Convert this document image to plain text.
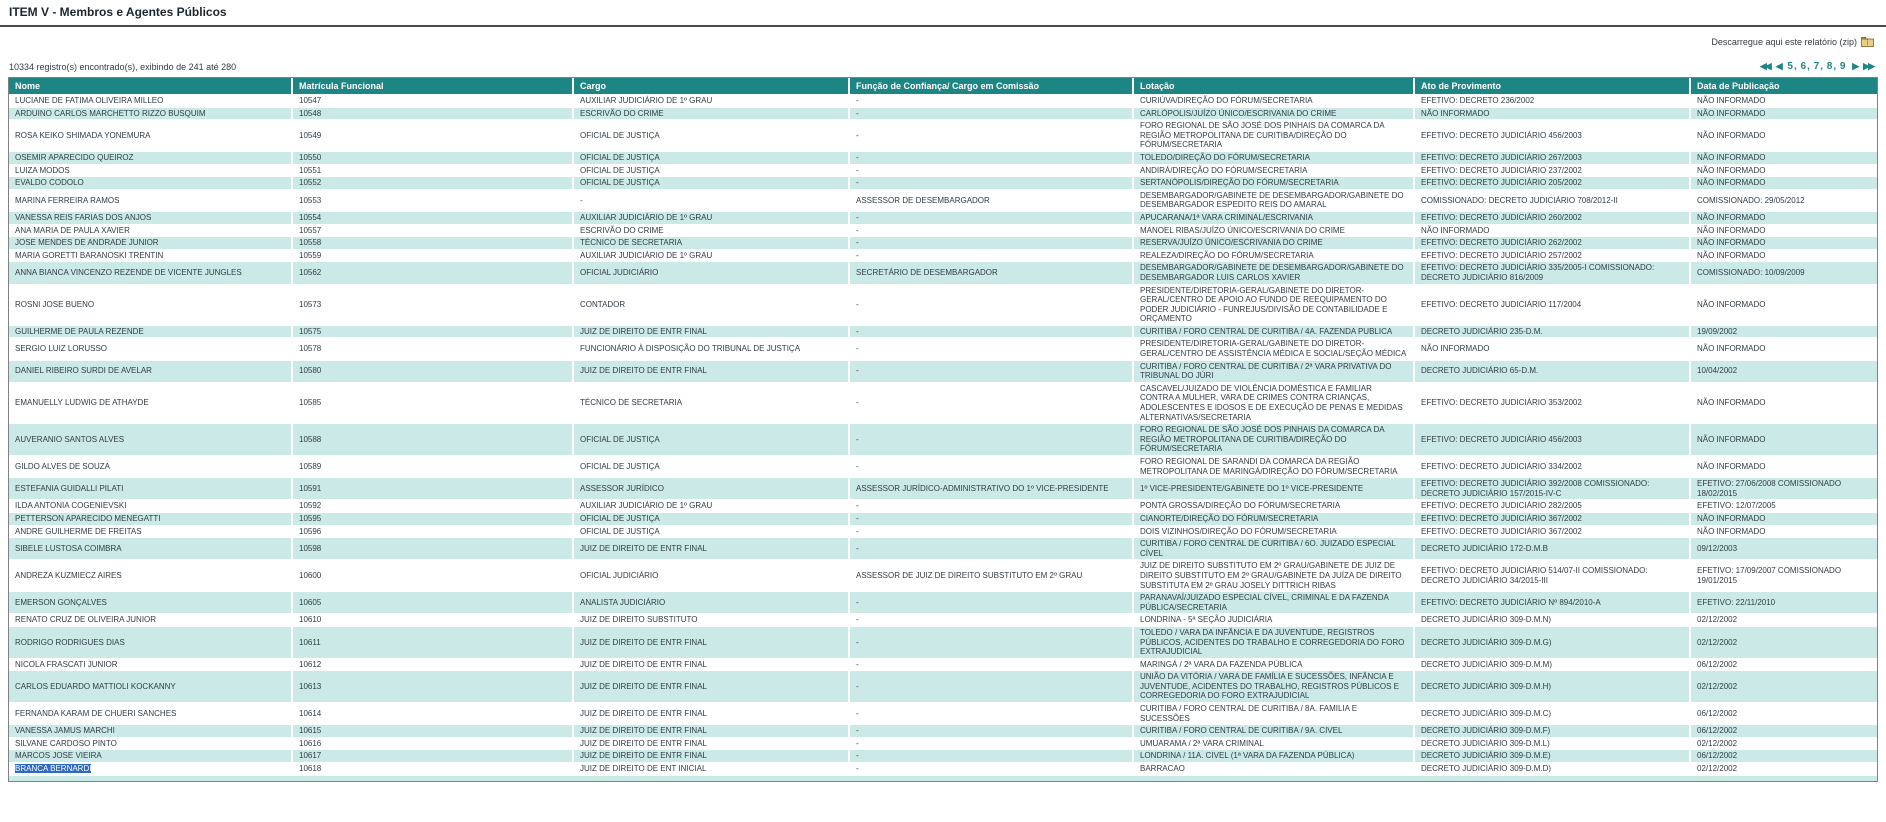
ITEM V - Membros e Agentes Públicos
Descarregue aqui este relatório (zip)
10334 registro(s) encontrado(s), exibindo de 241 até 280	◀◀ ◀ 5, 6, 7, 8, 9 ▶ ▶▶
Nome	Matrícula Funcional	Cargo	Função de Confiança/ Cargo em Comissão	Lotação	Ato de Provimento	Data de Publicação
LUCIANE DE FATIMA OLIVEIRA MILLEO	10547	AUXILIAR JUDICIÁRIO DE 1º GRAU	-	CURIÚVA/DIREÇÃO DO FÓRUM/SECRETARIA	EFETIVO: DECRETO 236/2002	NÃO INFORMADO
ARDUINO CARLOS MARCHETTO RIZZO BUSQUIM	10548	ESCRIVÃO DO CRIME	-	CARLÓPOLIS/JUÍZO ÚNICO/ESCRIVANIA DO CRIME	NÃO INFORMADO	NÃO INFORMADO
ROSA KEIKO SHIMADA YONEMURA	10549	OFICIAL DE JUSTIÇA	-	FORO REGIONAL DE SÃO JOSÉ DOS PINHAIS DA COMARCA DA REGIÃO METROPOLITANA DE CURITIBA/DIREÇÃO DO FÓRUM/SECRETARIA	EFETIVO: DECRETO JUDICIÁRIO 456/2003	NÃO INFORMADO
OSEMIR APARECIDO QUEIROZ	10550	OFICIAL DE JUSTIÇA	-	TOLEDO/DIREÇÃO DO FÓRUM/SECRETARIA	EFETIVO: DECRETO JUDICIÁRIO 267/2003	NÃO INFORMADO
LUIZA MODOS	10551	OFICIAL DE JUSTIÇA	-	ANDIRÁ/DIREÇÃO DO FÓRUM/SECRETARIA	EFETIVO: DECRETO JUDICIÁRIO 237/2002	NÃO INFORMADO
EVALDO CODOLO	10552	OFICIAL DE JUSTIÇA	-	SERTANÓPOLIS/DIREÇÃO DO FÓRUM/SECRETARIA	EFETIVO: DECRETO JUDICIÁRIO 205/2002	NÃO INFORMADO
MARINA FERREIRA RAMOS	10553	-	ASSESSOR DE DESEMBARGADOR	DESEMBARGADOR/GABINETE DE DESEMBARGADOR/GABINETE DO DESEMBARGADOR ESPEDITO REIS DO AMARAL	COMISSIONADO: DECRETO JUDICIÁRIO 708/2012-II	COMISSIONADO: 29/05/2012
VANESSA REIS FARIAS DOS ANJOS	10554	AUXILIAR JUDICIÁRIO DE 1º GRAU	-	APUCARANA/1ª VARA CRIMINAL/ESCRIVANIA	EFETIVO: DECRETO JUDICIÁRIO 260/2002	NÃO INFORMADO
ANA MARIA DE PAULA XAVIER	10557	ESCRIVÃO DO CRIME	-	MANOEL RIBAS/JUÍZO ÚNICO/ESCRIVANIA DO CRIME	NÃO INFORMADO	NÃO INFORMADO
JOSE MENDES DE ANDRADE JUNIOR	10558	TÉCNICO DE SECRETARIA	-	RESERVA/JUÍZO ÚNICO/ESCRIVANIA DO CRIME	EFETIVO: DECRETO JUDICIÁRIO 262/2002	NÃO INFORMADO
MARIA GORETTI BARANOSKI TRENTIN	10559	AUXILIAR JUDICIÁRIO DE 1º GRAU	-	REALEZA/DIREÇÃO DO FÓRUM/SECRETARIA	EFETIVO: DECRETO JUDICIÁRIO 257/2002	NÃO INFORMADO
ANNA BIANCA VINCENZO REZENDE DE VICENTE JUNGLES	10562	OFICIAL JUDICIÁRIO	SECRETÁRIO DE DESEMBARGADOR	DESEMBARGADOR/GABINETE DE DESEMBARGADOR/GABINETE DO DESEMBARGADOR LUIS CARLOS XAVIER	EFETIVO: DECRETO JUDICIÁRIO 335/2005-I COMISSIONADO: DECRETO JUDICIÁRIO 816/2009	COMISSIONADO: 10/09/2009
ROSNI JOSE BUENO	10573	CONTADOR	-	PRESIDENTE/DIRETORIA-GERAL/GABINETE DO DIRETOR-GERAL/CENTRO DE APOIO AO FUNDO DE REEQUIPAMENTO DO PODER JUDICIÁRIO - FUNREJUS/DIVISÃO DE CONTABILIDADE E ORÇAMENTO	EFETIVO: DECRETO JUDICIÁRIO 117/2004	NÃO INFORMADO
GUILHERME DE PAULA REZENDE	10575	JUIZ DE DIREITO DE ENTR FINAL	-	CURITIBA / FORO CENTRAL DE CURITIBA / 4A. FAZENDA PUBLICA	DECRETO JUDICIÁRIO 235-D.M.	19/09/2002
SERGIO LUIZ LORUSSO	10578	FUNCIONÁRIO À DISPOSIÇÃO DO TRIBUNAL DE JUSTIÇA	-	PRESIDENTE/DIRETORIA-GERAL/GABINETE DO DIRETOR-GERAL/CENTRO DE ASSISTÊNCIA MÉDICA E SOCIAL/SEÇÃO MÉDICA	NÃO INFORMADO	NÃO INFORMADO
DANIEL RIBEIRO SURDI DE AVELAR	10580	JUIZ DE DIREITO DE ENTR FINAL	-	CURITIBA / FORO CENTRAL DE CURITIBA / 2ª VARA PRIVATIVA DO TRIBUNAL DO JÚRI	DECRETO JUDICIÁRIO 65-D.M.	10/04/2002
EMANUELLY LUDWIG DE ATHAYDE	10585	TÉCNICO DE SECRETARIA	-	CASCAVEL/JUIZADO DE VIOLÊNCIA DOMÉSTICA E FAMILIAR CONTRA A MULHER, VARA DE CRIMES CONTRA CRIANÇAS, ADOLESCENTES E IDOSOS E DE EXECUÇÃO DE PENAS E MEDIDAS ALTERNATIVAS/SECRETARIA	EFETIVO: DECRETO JUDICIÁRIO 353/2002	NÃO INFORMADO
AUVERANIO SANTOS ALVES	10588	OFICIAL DE JUSTIÇA	-	FORO REGIONAL DE SÃO JOSÉ DOS PINHAIS DA COMARCA DA REGIÃO METROPOLITANA DE CURITIBA/DIREÇÃO DO FÓRUM/SECRETARIA	EFETIVO: DECRETO JUDICIÁRIO 456/2003	NÃO INFORMADO
GILDO ALVES DE SOUZA	10589	OFICIAL DE JUSTIÇA	-	FORO REGIONAL DE SARANDI DA COMARCA DA REGIÃO METROPOLITANA DE MARINGÁ/DIREÇÃO DO FÓRUM/SECRETARIA	EFETIVO: DECRETO JUDICIÁRIO 334/2002	NÃO INFORMADO
ESTEFANIA GUIDALLI PILATI	10591	ASSESSOR JURÍDICO	ASSESSOR JURÍDICO-ADMINISTRATIVO DO 1º VICE-PRESIDENTE	1º VICE-PRESIDENTE/GABINETE DO 1º VICE-PRESIDENTE	EFETIVO: DECRETO JUDICIÁRIO 392/2008 COMISSIONADO: DECRETO JUDICIÁRIO 157/2015-IV-C	EFETIVO: 27/06/2008 COMISSIONADO 18/02/2015
ILDA ANTONIA COGENIEVSKI	10592	AUXILIAR JUDICIÁRIO DE 1º GRAU	-	PONTA GROSSA/DIREÇÃO DO FÓRUM/SECRETARIA	EFETIVO: DECRETO JUDICIÁRIO 282/2005	EFETIVO: 12/07/2005
PETTERSON APARECIDO MENEGATTI	10595	OFICIAL DE JUSTIÇA	-	CIANORTE/DIREÇÃO DO FÓRUM/SECRETARIA	EFETIVO: DECRETO JUDICIÁRIO 367/2002	NÃO INFORMADO
ANDRE GUILHERME DE FREITAS	10596	OFICIAL DE JUSTIÇA	-	DOIS VIZINHOS/DIREÇÃO DO FÓRUM/SECRETARIA	EFETIVO: DECRETO JUDICIÁRIO 367/2002	NÃO INFORMADO
SIBELE LUSTOSA COIMBRA	10598	JUIZ DE DIREITO DE ENTR FINAL	-	CURITIBA / FORO CENTRAL DE CURITIBA / 6O. JUIZADO ESPECIAL CÍVEL	DECRETO JUDICIÁRIO 172-D.M.B	09/12/2003
ANDREZA KUZMIECZ AIRES	10600	OFICIAL JUDICIÁRIO	ASSESSOR DE JUIZ DE DIREITO SUBSTITUTO EM 2º GRAU	JUIZ DE DIREITO SUBSTITUTO EM 2º GRAU/GABINETE DE JUIZ DE DIREITO SUBSTITUTO EM 2º GRAU/GABINETE DA JUÍZA DE DIREITO SUBSTITUTA EM 2º GRAU JOSELY DITTRICH RIBAS	EFETIVO: DECRETO JUDICIÁRIO 514/07-II COMISSIONADO: DECRETO JUDICIÁRIO 34/2015-III	EFETIVO: 17/09/2007 COMISSIONADO 19/01/2015
EMERSON GONÇALVES	10605	ANALISTA JUDICIÁRIO	-	PARANAVAÍ/JUIZADO ESPECIAL CÍVEL, CRIMINAL E DA FAZENDA PÚBLICA/SECRETARIA	EFETIVO: DECRETO JUDICIÁRIO Nº 894/2010-A	EFETIVO: 22/11/2010
RENATO CRUZ DE OLIVEIRA JUNIOR	10610	JUIZ DE DIREITO SUBSTITUTO	-	LONDRINA - 5ª SEÇÃO JUDICIÁRIA	DECRETO JUDICIÁRIO 309-D.M.N)	02/12/2002
RODRIGO RODRIGUES DIAS	10611	JUIZ DE DIREITO DE ENTR FINAL	-	TOLEDO / VARA DA INFÂNCIA E DA JUVENTUDE, REGISTROS PÚBLICOS, ACIDENTES DO TRABALHO E CORREGEDORIA DO FORO EXTRAJUDICIAL	DECRETO JUDICIÁRIO 309-D.M.G)	02/12/2002
NICOLA FRASCATI JUNIOR	10612	JUIZ DE DIREITO DE ENTR FINAL	-	MARINGÁ / 2ª VARA DA FAZENDA PÚBLICA	DECRETO JUDICIÁRIO 309-D.M.M)	06/12/2002
CARLOS EDUARDO MATTIOLI KOCKANNY	10613	JUIZ DE DIREITO DE ENTR FINAL	-	UNIÃO DA VITÓRIA / VARA DE FAMÍLIA E SUCESSÕES, INFÂNCIA E JUVENTUDE, ACIDENTES DO TRABALHO, REGISTROS PÚBLICOS E CORREGEDORIA DO FORO EXTRAJUDICIAL	DECRETO JUDICIÁRIO 309-D.M.H)	02/12/2002
FERNANDA KARAM DE CHUERI SANCHES	10614	JUIZ DE DIREITO DE ENTR FINAL	-	CURITIBA / FORO CENTRAL DE CURITIBA / 8A. FAMILIA E SUCESSÕES	DECRETO JUDICIÁRIO 309-D.M.C)	06/12/2002
VANESSA JAMUS MARCHI	10615	JUIZ DE DIREITO DE ENTR FINAL	-	CURITIBA / FORO CENTRAL DE CURITIBA / 9A. CIVEL	DECRETO JUDICIÁRIO 309-D.M.F)	06/12/2002
SILVANE CARDOSO PINTO	10616	JUIZ DE DIREITO DE ENTR FINAL	-	UMUARAMA / 2ª VARA CRIMINAL	DECRETO JUDICIÁRIO 309-D.M.L)	02/12/2002
MARCOS JOSE VIEIRA	10617	JUIZ DE DIREITO DE ENTR FINAL	-	LONDRINA / 11A. CIVEL (1ª VARA DA FAZENDA PÚBLICA)	DECRETO JUDICIÁRIO 309-D.M.E)	06/12/2002
BRANCA BERNARDI	10618	JUIZ DE DIREITO DE ENT INICIAL	-	BARRACAO	DECRETO JUDICIÁRIO 309-D.M.D)	02/12/2002
